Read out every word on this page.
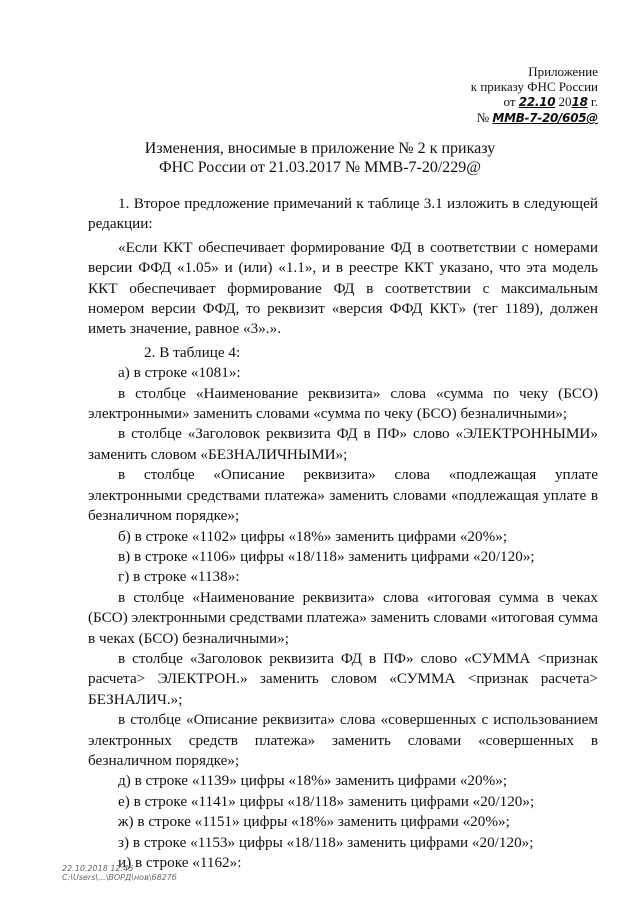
Приложение
к приказу ФНС России
от 22.10 2018 г.
№ ММВ-7-20/605@
Изменения, вносимые в приложение № 2 к приказу
ФНС России от 21.03.2017 № ММВ-7-20/229@

1. Второе предложение примечаний к таблице 3.1 изложить в следующей редакции:

«Если ККТ обеспечивает формирование ФД в соответствии с номерами версии ФФД «1.05» и (или) «1.1», и в реестре ККТ указано, что эта модель ККТ обеспечивает формирование ФД в соответствии с максимальным номером версии ФФД, то реквизит «версия ФФД ККТ» (тег 1189), должен иметь значение, равное «3».».

2. В таблице 4:

а) в строке «1081»:

в столбце «Наименование реквизита» слова «сумма по чеку (БСО) электронными» заменить словами «сумма по чеку (БСО) безналичными»;

в столбце «Заголовок реквизита ФД в ПФ» слово «ЭЛЕКТРОННЫМИ» заменить словом «БЕЗНАЛИЧНЫМИ»;

в столбце «Описание реквизита» слова «подлежащая уплате электронными средствами платежа» заменить словами «подлежащая уплате в безналичном порядке»;

б) в строке «1102» цифры «18%» заменить цифрами «20%»;

в) в строке «1106» цифры «18/118» заменить цифрами «20/120»;

г) в строке «1138»:

в столбце «Наименование реквизита» слова «итоговая сумма в чеках (БСО) электронными средствами платежа» заменить словами «итоговая сумма в чеках (БСО) безналичными»;

в столбце «Заголовок реквизита ФД в ПФ» слово «СУММА <признак расчета> ЭЛЕКТРОН.» заменить словом «СУММА <признак расчета> БЕЗНАЛИЧ.»;

в столбце «Описание реквизита» слова «совершенных с использованием электронных средств платежа» заменить словами «совершенных в безналичном порядке»;

д) в строке «1139» цифры «18%» заменить цифрами «20%»;

е) в строке «1141» цифры «18/118» заменить цифрами «20/120»;

ж) в строке «1151» цифры «18%» заменить цифрами «20%»;

з) в строке «1153» цифры «18/118» заменить цифрами «20/120»;

и) в строке «1162»:

22.10.2018 12:45
C:\Users\...\ВОРД\нов\6827б
